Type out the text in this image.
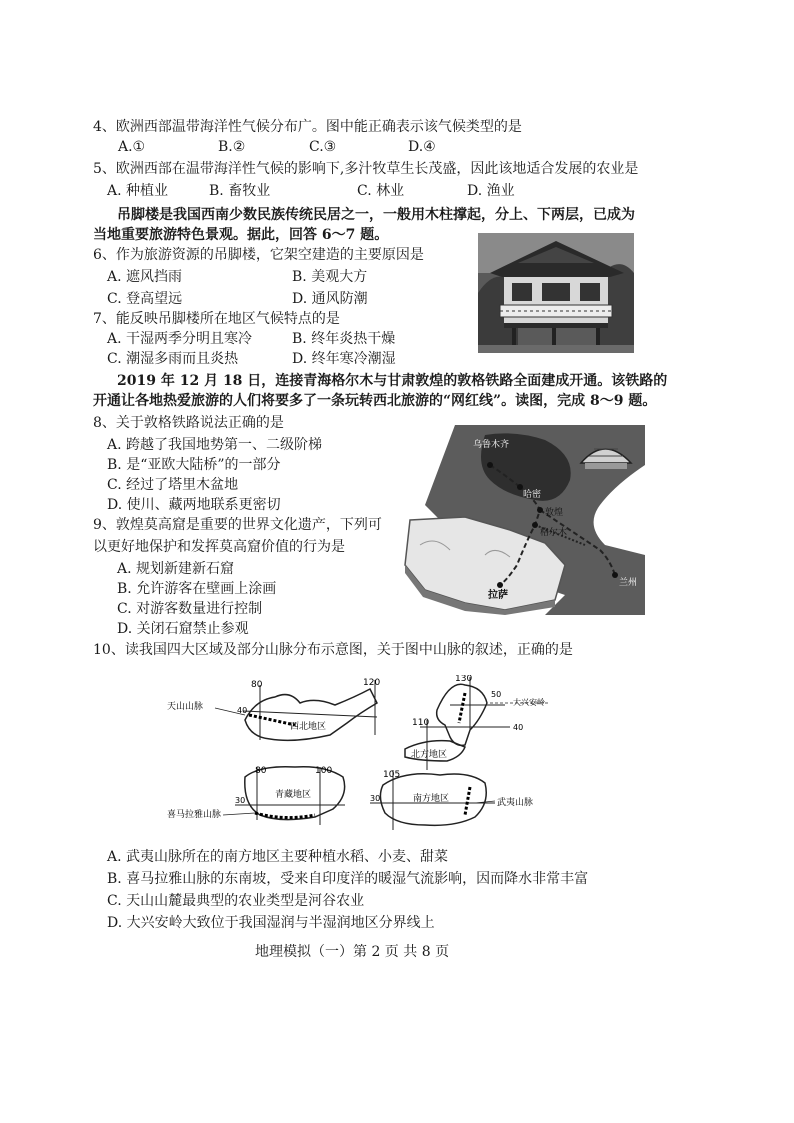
4、欧洲西部温带海洋性气候分布广。图中能正确表示该气候类型的是
A.①	B.②	C.③	D.④
5、欧洲西部在温带海洋性气候的影响下,多汁牧草生长茂盛，因此该地适合发展的农业是
A. 种植业	B. 畜牧业	C. 林业	D. 渔业
吊脚楼是我国西南少数民族传统民居之一，一般用木柱撑起，分上、下两层，已成为
当地重要旅游特色景观。据此，回答 6～7 题。
6、作为旅游资源的吊脚楼，它架空建造的主要原因是
A. 遮风挡雨	B. 美观大方
C. 登高望远	D. 通风防潮
7、能反映吊脚楼所在地区气候特点的是
A. 干湿两季分明且寒冷	B. 终年炎热干燥
C. 潮湿多雨而且炎热	D. 终年寒冷潮湿
2019 年 12 月 18 日，连接青海格尔木与甘肃敦煌的敦格铁路全面建成开通。该铁路的
开通让各地热爱旅游的人们将要多了一条玩转西北旅游的“网红线”。读图，完成 8～9 题。
8、关于敦格铁路说法正确的是
A. 跨越了我国地势第一、二级阶梯
B. 是“亚欧大陆桥”的一部分
C. 经过了塔里木盆地
D. 使川、藏两地联系更密切
9、敦煌莫高窟是重要的世界文化遗产，下列可
以更好地保护和发挥莫高窟价值的行为是
A. 规划新建新石窟
B. 允许游客在壁画上涂画
C. 对游客数量进行控制
D. 关闭石窟禁止参观
乌鲁木齐
哈密
敦煌
格尔木
兰州
拉萨
10、读我国四大区域及部分山脉分布示意图，关于图中山脉的叙述，正确的是
80	120
40
西北地区
天山山脉
130
110
50
40
北方地区
大兴安岭
80	100
30
青藏地区
喜马拉雅山脉
105
30	南方地区	武夷山脉
A. 武夷山脉所在的南方地区主要种植水稻、小麦、甜菜
B. 喜马拉雅山脉的东南坡，受来自印度洋的暖湿气流影响，因而降水非常丰富
C. 天山山麓最典型的农业类型是河谷农业
D. 大兴安岭大致位于我国湿润与半湿润地区分界线上
地理模拟（一）第 2 页 共 8 页
